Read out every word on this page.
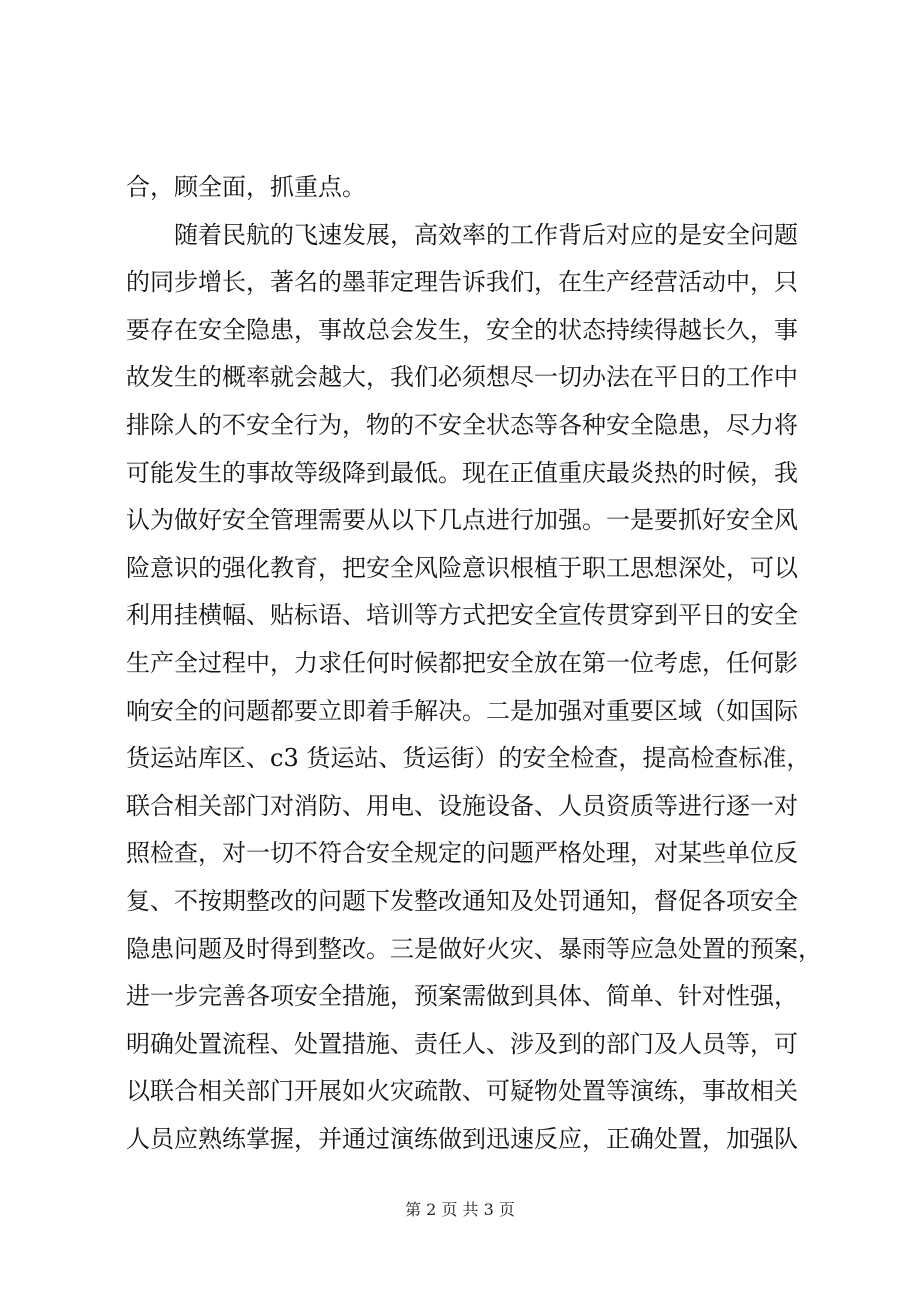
合，顾全面，抓重点。
随着民航的飞速发展，高效率的工作背后对应的是安全问题
的同步增长，著名的墨菲定理告诉我们，在生产经营活动中，只
要存在安全隐患，事故总会发生，安全的状态持续得越长久，事
故发生的概率就会越大，我们必须想尽一切办法在平日的工作中
排除人的不安全行为，物的不安全状态等各种安全隐患，尽力将
可能发生的事故等级降到最低。现在正值重庆最炎热的时候，我
认为做好安全管理需要从以下几点进行加强。一是要抓好安全风
险意识的强化教育，把安全风险意识根植于职工思想深处，可以
利用挂横幅、贴标语、培训等方式把安全宣传贯穿到平日的安全
生产全过程中，力求任何时候都把安全放在第一位考虑，任何影
响安全的问题都要立即着手解决。二是加强对重要区域（如国际
货运站库区、c3 货运站、货运街）的安全检查，提高检查标准，
联合相关部门对消防、用电、设施设备、人员资质等进行逐一对
照检查，对一切不符合安全规定的问题严格处理，对某些单位反
复、不按期整改的问题下发整改通知及处罚通知，督促各项安全
隐患问题及时得到整改。三是做好火灾、暴雨等应急处置的预案，
进一步完善各项安全措施，预案需做到具体、简单、针对性强，
明确处置流程、处置措施、责任人、涉及到的部门及人员等，可
以联合相关部门开展如火灾疏散、可疑物处置等演练，事故相关
人员应熟练掌握，并通过演练做到迅速反应，正确处置，加强队
第 2 页 共 3 页
